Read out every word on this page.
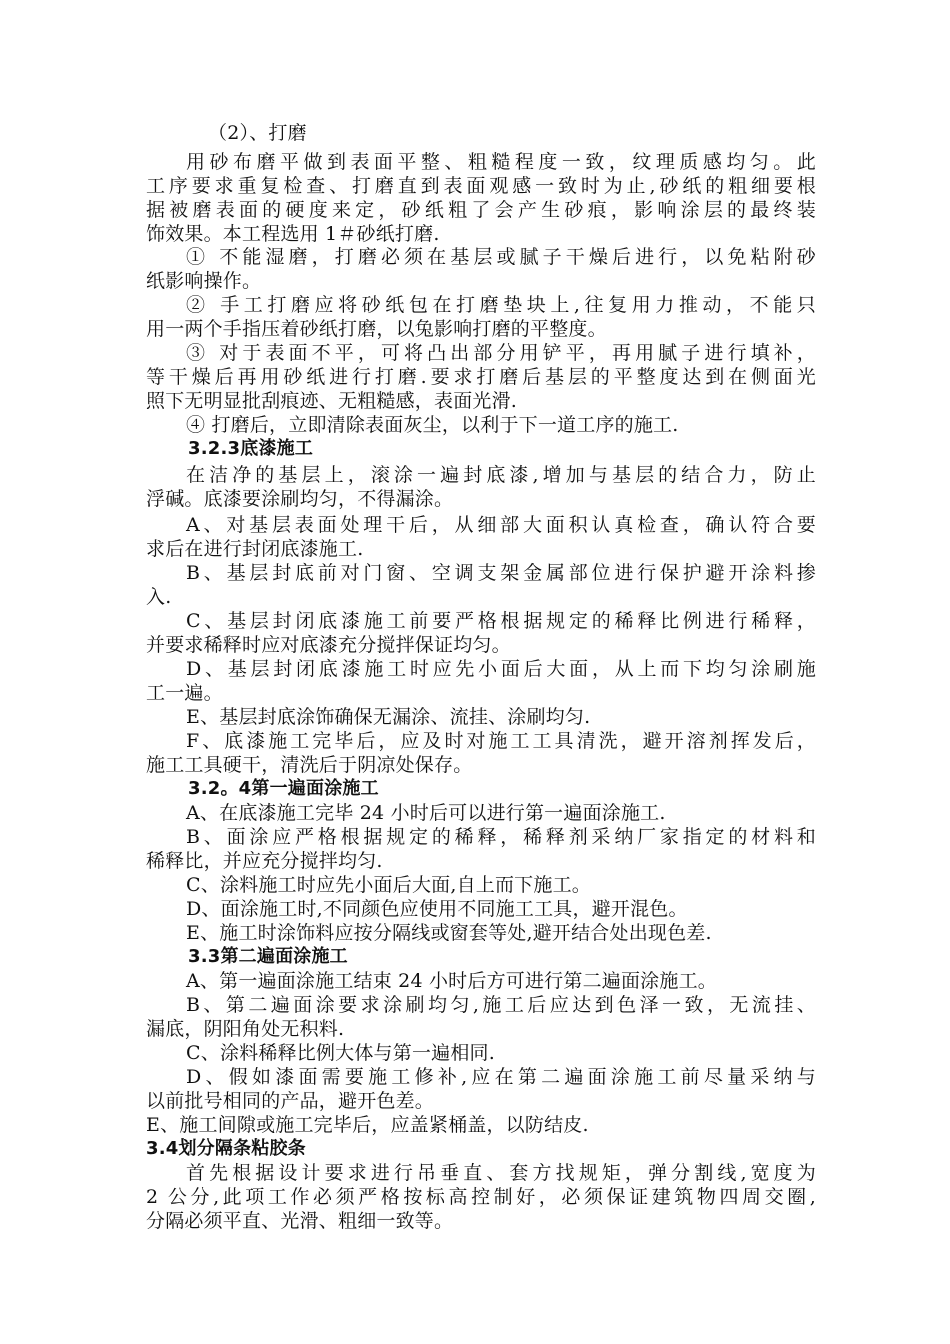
（2）、打磨
用砂布磨平做到表面平整、粗糙程度一致，纹理质感均匀。此
工序要求重复检查、打磨直到表面观感一致时为止,砂纸的粗细要根
据被磨表面的硬度来定，砂纸粗了会产生砂痕，影响涂层的最终装
饰效果。本工程选用 1＃砂纸打磨.
① 不能湿磨，打磨必须在基层或腻子干燥后进行，以免粘附砂
纸影响操作。
② 手工打磨应将砂纸包在打磨垫块上,往复用力推动，不能只
用一两个手指压着砂纸打磨，以兔影响打磨的平整度。
③ 对于表面不平，可将凸出部分用铲平，再用腻子进行填补，
等干燥后再用砂纸进行打磨.要求打磨后基层的平整度达到在侧面光
照下无明显批刮痕迹、无粗糙感，表面光滑.
④ 打磨后，立即清除表面灰尘，以利于下一道工序的施工.
3.2.3底漆施工
在洁净的基层上，滚涂一遍封底漆,增加与基层的结合力，防止
浮碱。底漆要涂刷均匀，不得漏涂。
A、对基层表面处理干后，从细部大面积认真检查，确认符合要
求后在进行封闭底漆施工.
B、基层封底前对门窗、空调支架金属部位进行保护避开涂料掺
入.
C、基层封闭底漆施工前要严格根据规定的稀释比例进行稀释，
并要求稀释时应对底漆充分搅拌保证均匀。
D、基层封闭底漆施工时应先小面后大面，从上而下均匀涂刷施
工一遍。
E、基层封底涂饰确保无漏涂、流挂、涂刷均匀.
F、底漆施工完毕后，应及时对施工工具清洗，避开溶剂挥发后，
施工工具硬干，清洗后于阴凉处保存。
3.2。4第一遍面涂施工
A、在底漆施工完毕 24 小时后可以进行第一遍面涂施工.
B、面涂应严格根据规定的稀释，稀释剂采纳厂家指定的材料和
稀释比，并应充分搅拌均匀.
C、涂料施工时应先小面后大面,自上而下施工。
D、面涂施工时,不同颜色应使用不同施工工具，避开混色。
E、施工时涂饰料应按分隔线或窗套等处,避开结合处出现色差.
3.3第二遍面涂施工
A、第一遍面涂施工结束 24 小时后方可进行第二遍面涂施工。
B、第二遍面涂要求涂刷均匀,施工后应达到色泽一致，无流挂、
漏底，阴阳角处无积料.
C、涂料稀释比例大体与第一遍相同.
D、假如漆面需要施工修补,应在第二遍面涂施工前尽量采纳与
以前批号相同的产品，避开色差。
E、施工间隙或施工完毕后，应盖紧桶盖，以防结皮.
3.4划分隔条粘胶条
首先根据设计要求进行吊垂直、套方找规矩，弹分割线,宽度为
2 公分,此项工作必须严格按标高控制好，必须保证建筑物四周交圈,
分隔必须平直、光滑、粗细一致等。
